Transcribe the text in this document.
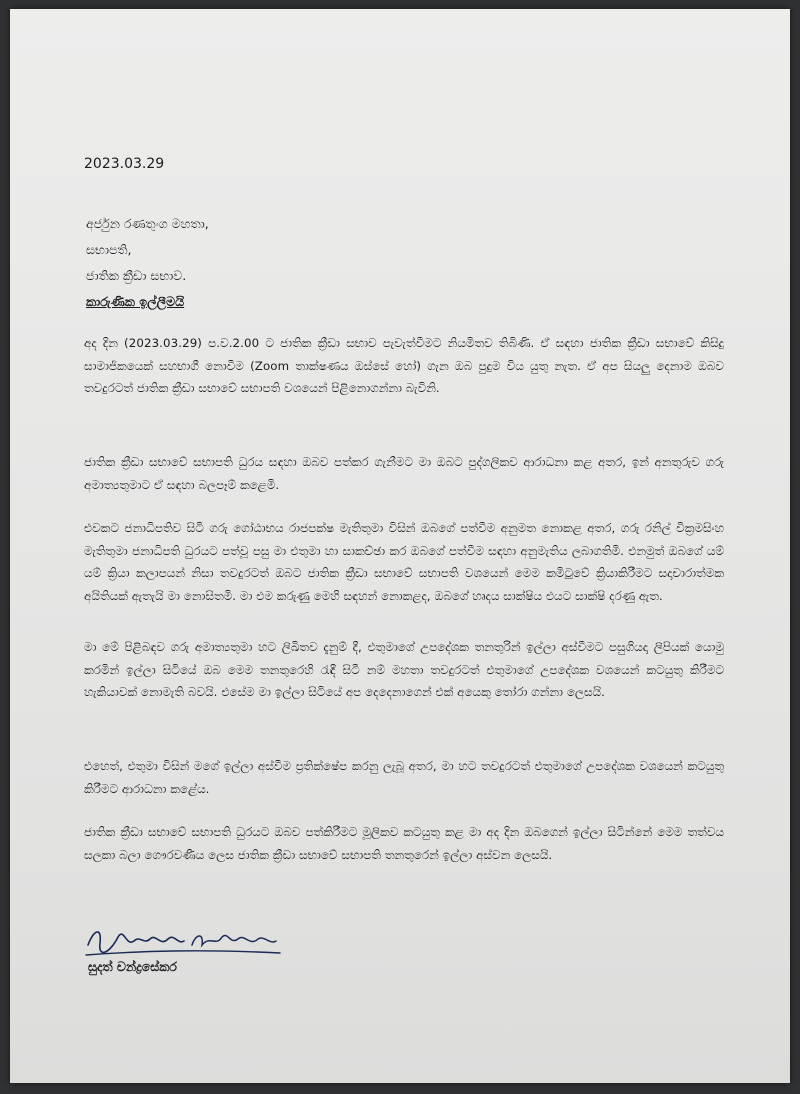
2023.03.29
අර්ජුන රණතුංග මහතා,
සභාපති,
ජාතික ක්‍රීඩා සභාව.
කාරුණික ඉල්ලීමයි
අද දින (2023.03.29) ප.ව.2.00 ට ජාතික ක්‍රීඩා සභාව පැවැත්වීමට නියමිතව තිබිණි. ඒ සඳහා ජාතික ක්‍රීඩා සභාවේ කිසිදු සාමාජිකයෙක් සහභාගී නොවීම (Zoom තාක්ෂණය ඔස්සේ හෝ) ගැන ඔබ පුදුම විය යුතු නැත. ඒ අප සියලු දෙනාම ඔබව තවදුරටත් ජාතික ක්‍රීඩා සභාවේ සභාපති වශයෙන් පිළිනොගන්නා බැවිනි.
ජාතික ක්‍රීඩා සභාවේ සභාපති ධුරය සඳහා ඔබව පත්කර ගැනීමට මා ඔබට පුද්ගලිකව ආරාධනා කළ අතර, ඉන් අනතුරුව ගරු අමාත්‍යතුමාට ඒ සඳහා බලපෑම් කළෙමි.
එවකට ජනාධිපතිව සිටි ගරු ගෝඨාභය රාජපක්ෂ මැතිතුමා විසින් ඔබගේ පත්වීම අනුමත නොකළ අතර, ගරු රනිල් වික්‍රමසිංහ මැතිතුමා ජනාධිපති ධුරයට පත්වූ පසු මා එතුමා හා සාකච්ඡා කර ඔබගේ පත්වීම සඳහා අනුමැතිය ලබාගතිමි. එනමුත් ඔබගේ යම් යම් ක්‍රියා කලාපයන් නිසා තවදුරටත් ඔබට ජාතික ක්‍රීඩා සභාවේ සභාපති වශයෙන් මෙම කමිටුවේ ක්‍රියාකිරීමට සදාචාරාත්මක අයිතියක් ඇතැයි මා නොසිතමි. මා එම කරුණු මෙහි සඳහන් නොකළද, ඔබගේ හෘදය සාක්ෂිය එයට සාක්ෂි දරණු ඇත.
මා මේ පිළිබඳව ගරු අමාත්‍යතුමා හට ලිඛිතව දැනුම් දී, එතුමාගේ උපදේශක තනතුරින් ඉල්ලා අස්වීමට පසුගියදා ලිපියක් යොමු කරමින් ඉල්ලා සිටියේ ඔබ මෙම තනතුරෙහි රැඳී සිටී නම් මහතා තවදුරටත් එතුමාගේ උපදේශක වශයෙන් කටයුතු කිරීමට හැකියාවක් නොමැති බවයි. එසේම මා ඉල්ලා සිටියේ අප දෙදෙනාගෙන් එක් අයෙකු තෝරා ගන්නා ලෙසයි.
එහෙත්, එතුමා විසින් මගේ ඉල්ලා අස්වීම ප්‍රතික්ෂේප කරනු ලැබූ අතර, මා හට තවදුරටත් එතුමාගේ උපදේශක වශයෙන් කටයුතු කිරීමට ආරාධනා කළේය.
ජාතික ක්‍රීඩා සභාවේ සභාපති ධුරයට ඔබව පත්කිරීමට මූලිකව කටයුතු කළ මා අද දින ඔබගෙන් ඉල්ලා සිටින්නේ මෙම තත්වය සලකා බලා ගෞරවණීය ලෙස ජාතික ක්‍රීඩා සභාවේ සභාපති තනතුරෙන් ඉල්ලා අස්වන ලෙසයි.
සුදත් චන්ද්‍රසේකර
